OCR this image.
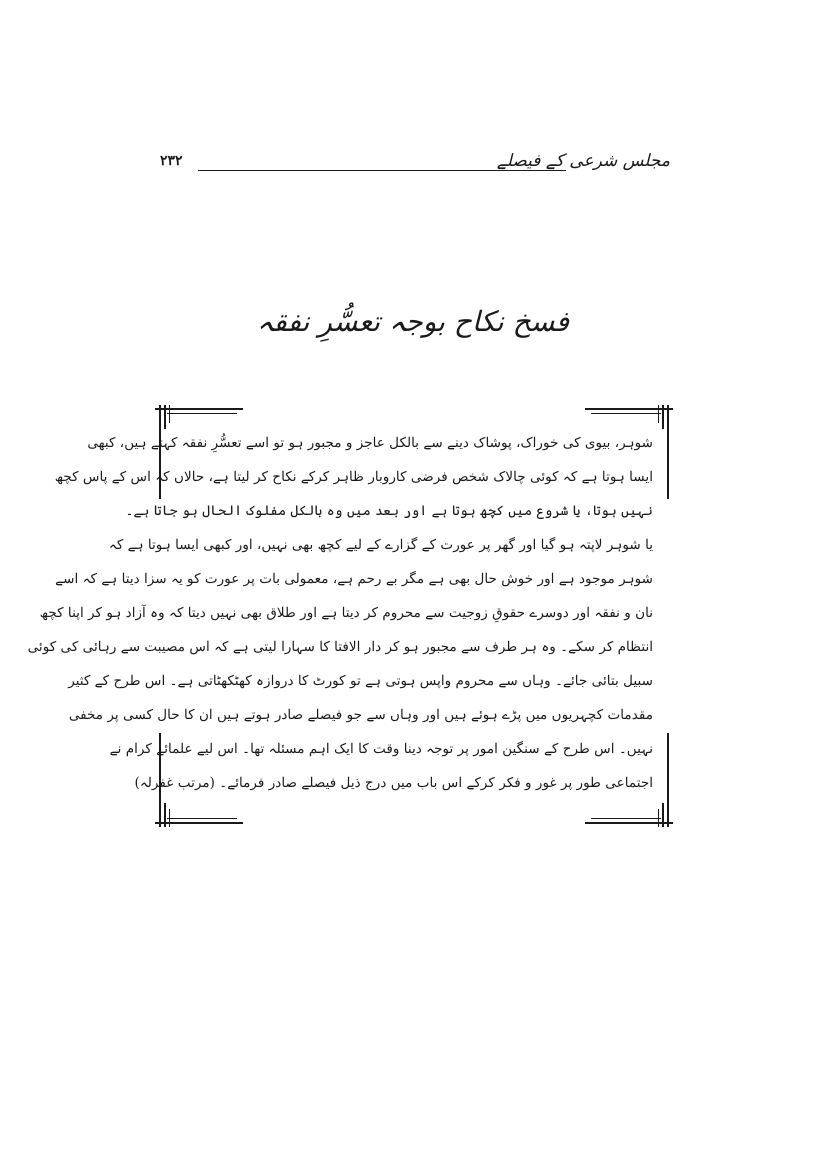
مجلس شرعی کے فیصلے
۲۳۲
فسخ نکاح بوجہ تعسُّرِ نفقہ
شوہر، بیوی کی خوراک، پوشاک دینے سے بالکل عاجز و مجبور ہو تو اسے تعسُّرِ نفقہ کہتے ہیں، کبھی
ایسا ہوتا ہے کہ کوئی چالاک شخص فرضی کاروبار ظاہر کرکے نکاح کر لیتا ہے، حالاں کہ اس کے پاس کچھ
نہیں ہوتا، یا شروع میں کچھ ہوتا ہے اور بعد میں وہ بالکل مفلوک الحال ہو جاتا ہے۔
یا شوہر لاپتہ ہو گیا اور گھر پر عورت کے گزارے کے لیے کچھ بھی نہیں، اور کبھی ایسا ہوتا ہے کہ
شوہر موجود ہے اور خوش حال بھی ہے مگر بے رحم ہے، معمولی بات پر عورت کو یہ سزا دیتا ہے کہ اسے
نان و نفقہ اور دوسرے حقوقِ زوجیت سے محروم کر دیتا ہے اور طلاق بھی نہیں دیتا کہ وہ آزاد ہو کر اپنا کچھ
انتظام کر سکے۔ وہ ہر طرف سے مجبور ہو کر دار الافتا کا سہارا لیتی ہے کہ اس مصیبت سے رہائی کی کوئی
سبیل بتائی جائے۔ وہاں سے محروم واپس ہوتی ہے تو کورٹ کا دروازہ کھٹکھٹاتی ہے۔ اس طرح کے کثیر
مقدمات کچہریوں میں پڑے ہوئے ہیں اور وہاں سے جو فیصلے صادر ہوتے ہیں ان کا حال کسی پر مخفی
نہیں۔ اس طرح کے سنگین امور پر توجہ دینا وقت کا ایک اہم مسئلہ تھا۔ اس لیے علمائے کرام نے
اجتماعی طور پر غور و فکر کرکے اس باب میں درج ذیل فیصلے صادر فرمائے۔ (مرتب غفرلہ)
